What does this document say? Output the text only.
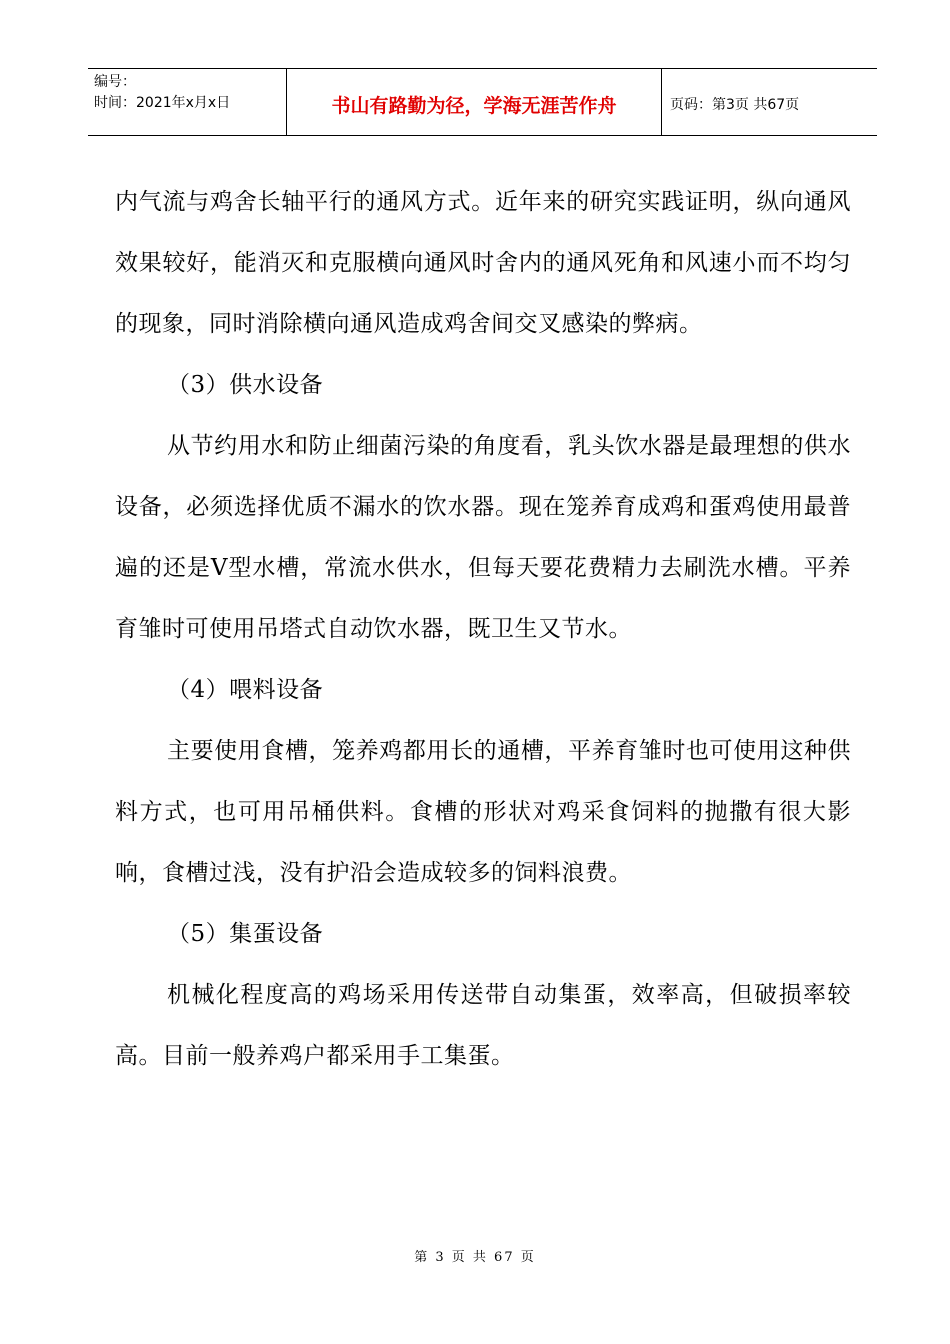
编号：
时间：2021年x月x日	书山有路勤为径，学海无涯苦作舟	页码：第3页 共67页

内气流与鸡舍长轴平行的通风方式。近年来的研究实践证明，纵向通风效果较好，能消灭和克服横向通风时舍内的通风死角和风速小而不均匀的现象，同时消除横向通风造成鸡舍间交叉感染的弊病。

（3）供水设备

从节约用水和防止细菌污染的角度看，乳头饮水器是最理想的供水设备，必须选择优质不漏水的饮水器。现在笼养育成鸡和蛋鸡使用最普遍的还是V型水槽，常流水供水，但每天要花费精力去刷洗水槽。平养育雏时可使用吊塔式自动饮水器，既卫生又节水。

（4）喂料设备

主要使用食槽，笼养鸡都用长的通槽，平养育雏时也可使用这种供料方式，也可用吊桶供料。食槽的形状对鸡采食饲料的抛撒有很大影响，食槽过浅，没有护沿会造成较多的饲料浪费。

（5）集蛋设备

机械化程度高的鸡场采用传送带自动集蛋，效率高，但破损率较高。目前一般养鸡户都采用手工集蛋。

第 3 页 共 67 页
